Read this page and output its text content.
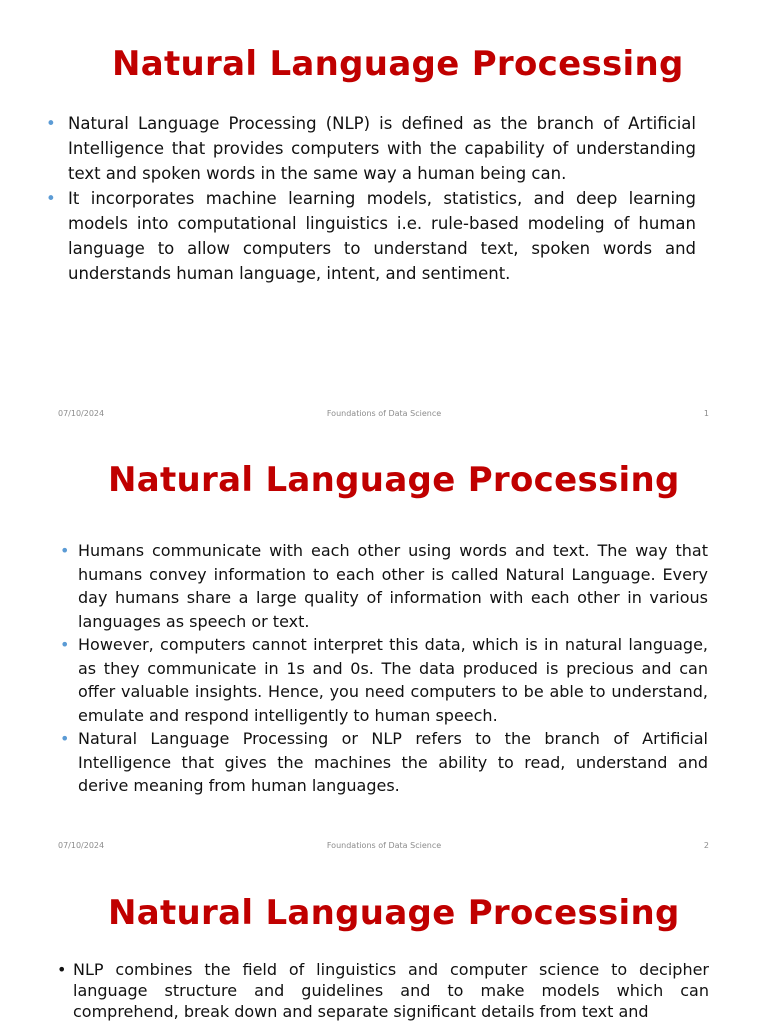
Natural Language Processing
• Natural Language Processing (NLP) is defined as the branch of Artificial Intelligence that provides computers with the capability of understanding text and spoken words in the same way a human being can.
• It incorporates machine learning models, statistics, and deep learning models into computational linguistics i.e. rule-based modeling of human language to allow computers to understand text, spoken words and understands human language, intent, and sentiment.
07/10/2024	Foundations of Data Science	1
Natural Language Processing
• Humans communicate with each other using words and text. The way that humans convey information to each other is called Natural Language. Every day humans share a large quality of information with each other in various languages as speech or text.
• However, computers cannot interpret this data, which is in natural language, as they communicate in 1s and 0s. The data produced is precious and can offer valuable insights. Hence, you need computers to be able to understand, emulate and respond intelligently to human speech.
• Natural Language Processing or NLP refers to the branch of Artificial Intelligence that gives the machines the ability to read, understand and derive meaning from human languages.
07/10/2024	Foundations of Data Science	2
Natural Language Processing
• NLP combines the field of linguistics and computer science to decipher language structure and guidelines and to make models which can comprehend, break down and separate significant details from text and
